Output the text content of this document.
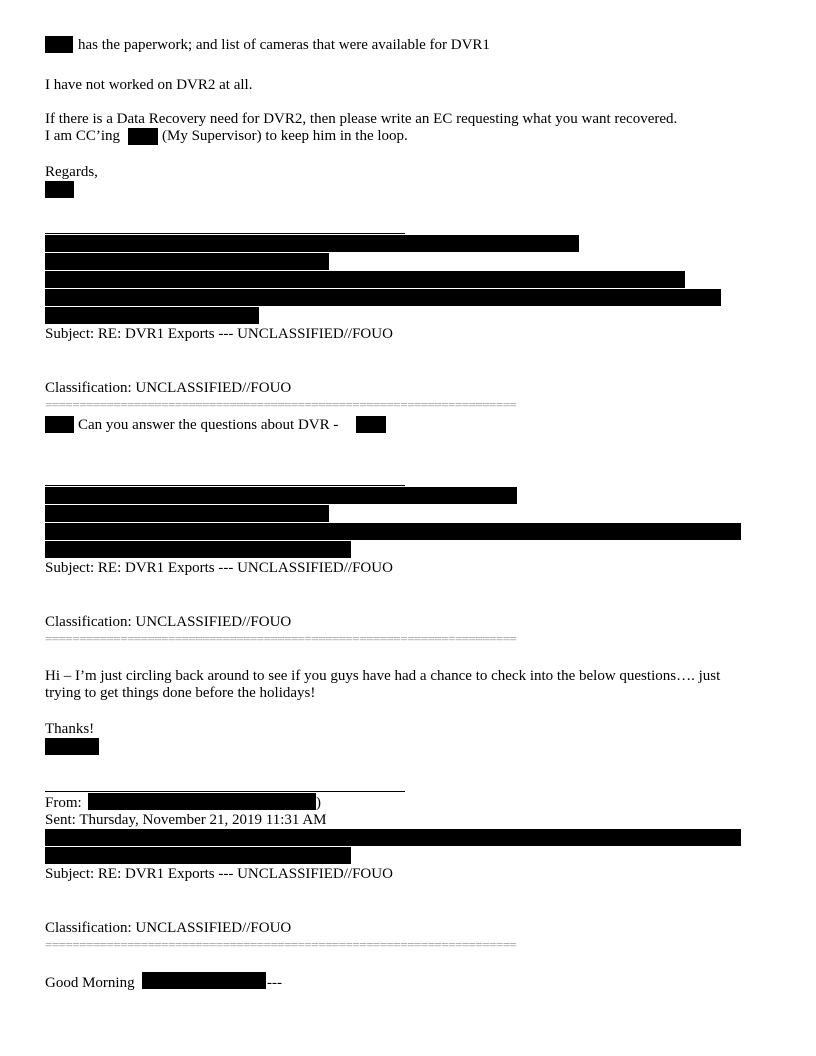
has the paperwork; and list of cameras that were available for DVR1
I have not worked on DVR2 at all.
If there is a Data Recovery need for DVR2, then please write an EC requesting what you want recovered.
I am CC’ing	(My Supervisor) to keep him in the loop.
Regards,
Subject: RE: DVR1 Exports --- UNCLASSIFIED//FOUO
Classification: UNCLASSIFIED//FOUO
=====================================================================
Can you answer the questions about DVR -
Subject: RE: DVR1 Exports --- UNCLASSIFIED//FOUO
Classification: UNCLASSIFIED//FOUO
=====================================================================
Hi – I’m just circling back around to see if you guys have had a chance to check into the below questions…. just
trying to get things done before the holidays!
Thanks!
From:	)
Sent: Thursday, November 21, 2019 11:31 AM
Subject: RE: DVR1 Exports --- UNCLASSIFIED//FOUO
Classification: UNCLASSIFIED//FOUO
=====================================================================
Good Morning	---
